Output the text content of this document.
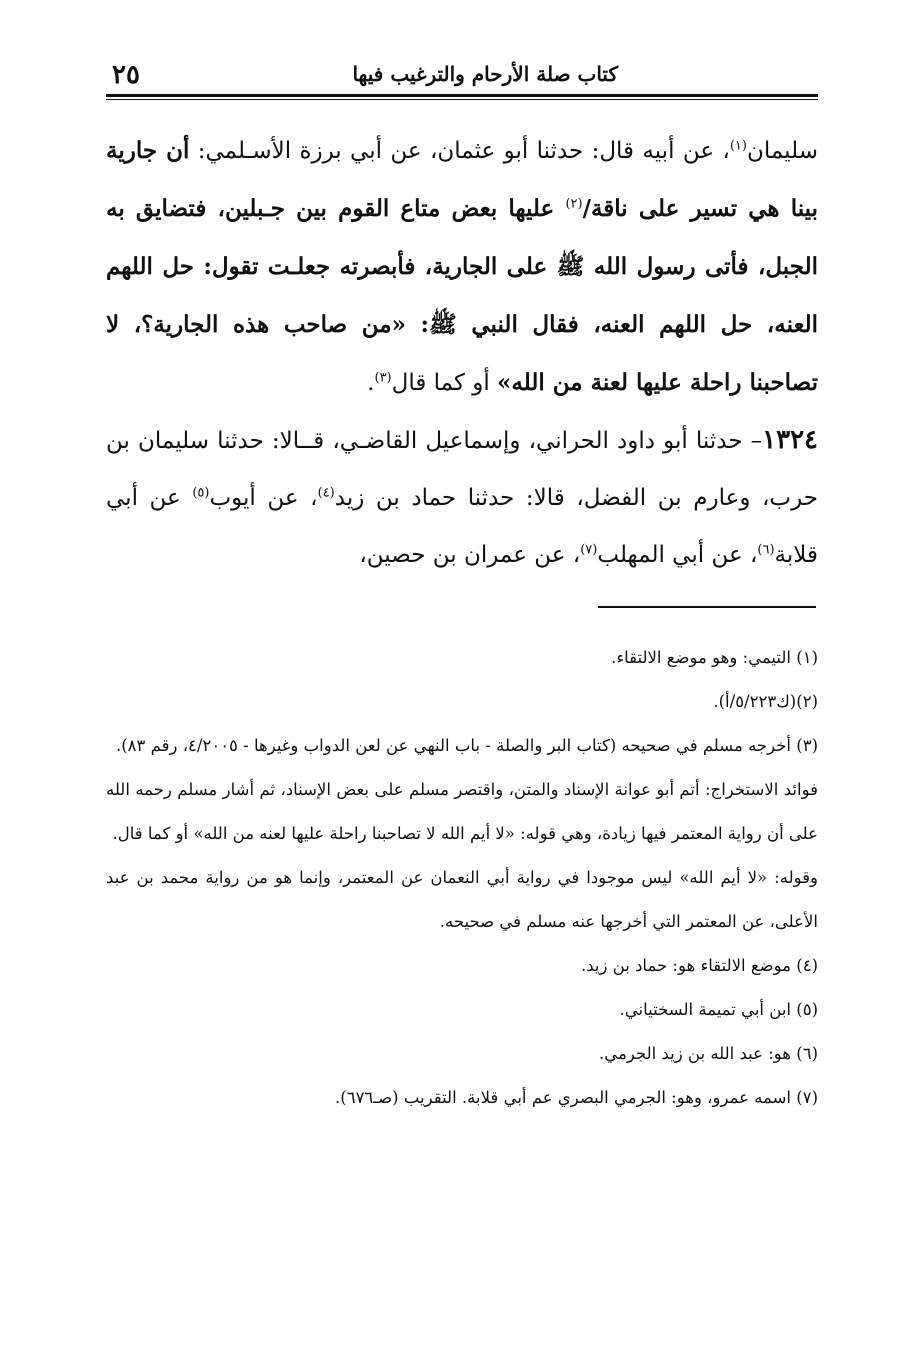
كتاب صلة الأرحام والترغيب فيها
٢٥

سليمان$^{(١)}$، عن أبيه قال: حدثنا أبو عثمان، عن أبي برزة الأسـلمي: أن جارية بينا هي تسير على ناقة/$^{(٢)}$ عليها بعض متاع القوم بين جـبلين، فتضايق به الجبل، فأتى رسول الله ﷺ على الجارية، فأبصرته جعلـت تقول: حل اللهم العنه، حل اللهم العنه، فقال النبي ﷺ: «من صاحب هذه الجارية؟، لا تصاحبنا راحلة عليها لعنة من الله» أو كما قال$^{(٣)}$.

١٣٢٤– حدثنا أبو داود الحراني، وإسماعيل القاضـي، قــالا: حدثنا سليمان بن حرب، وعارم بن الفضل، قالا: حدثنا حماد بن زيد$^{(٤)}$، عن أيوب$^{(٥)}$ عن أبي قلابة$^{(٦)}$، عن أبي المهلب$^{(٧)}$، عن عمران بن حصين،

(١) التيمي: وهو موضع الالتقاء.

(٢)(ك٥/٢٢٣/أ).

(٣) أخرجه مسلم في صحيحه (كتاب البر والصلة - باب النهي عن لعن الدواب وغيرها - ٤/٢٠٠٥، رقم ٨٣).

فوائد الاستخراج: أتم أبو عوانة الإسناد والمتن، واقتصر مسلم على بعض الإسناد، ثم أشار مسلم رحمه الله على أن رواية المعتمر فيها زيادة، وهي قوله: «لا أيم الله لا تصاحبنا راحلة عليها لعنه من الله» أو كما قال.

وقوله: «لا أيم الله» ليس موجودا في رواية أبي النعمان عن المعتمر، وإنما هو من رواية محمد بن عبد الأعلى، عن المعتمر التي أخرجها عنه مسلم في صحيحه.

(٤) موضع الالتقاء هو: حماد بن زيد.

(٥) ابن أبي تميمة السختياني.

(٦) هو: عبد الله بن زيد الجرمي.

(٧) اسمه عمرو، وهو: الجرمي البصري عم أبي قلابة. التقريب (صـ٦٧٦).
